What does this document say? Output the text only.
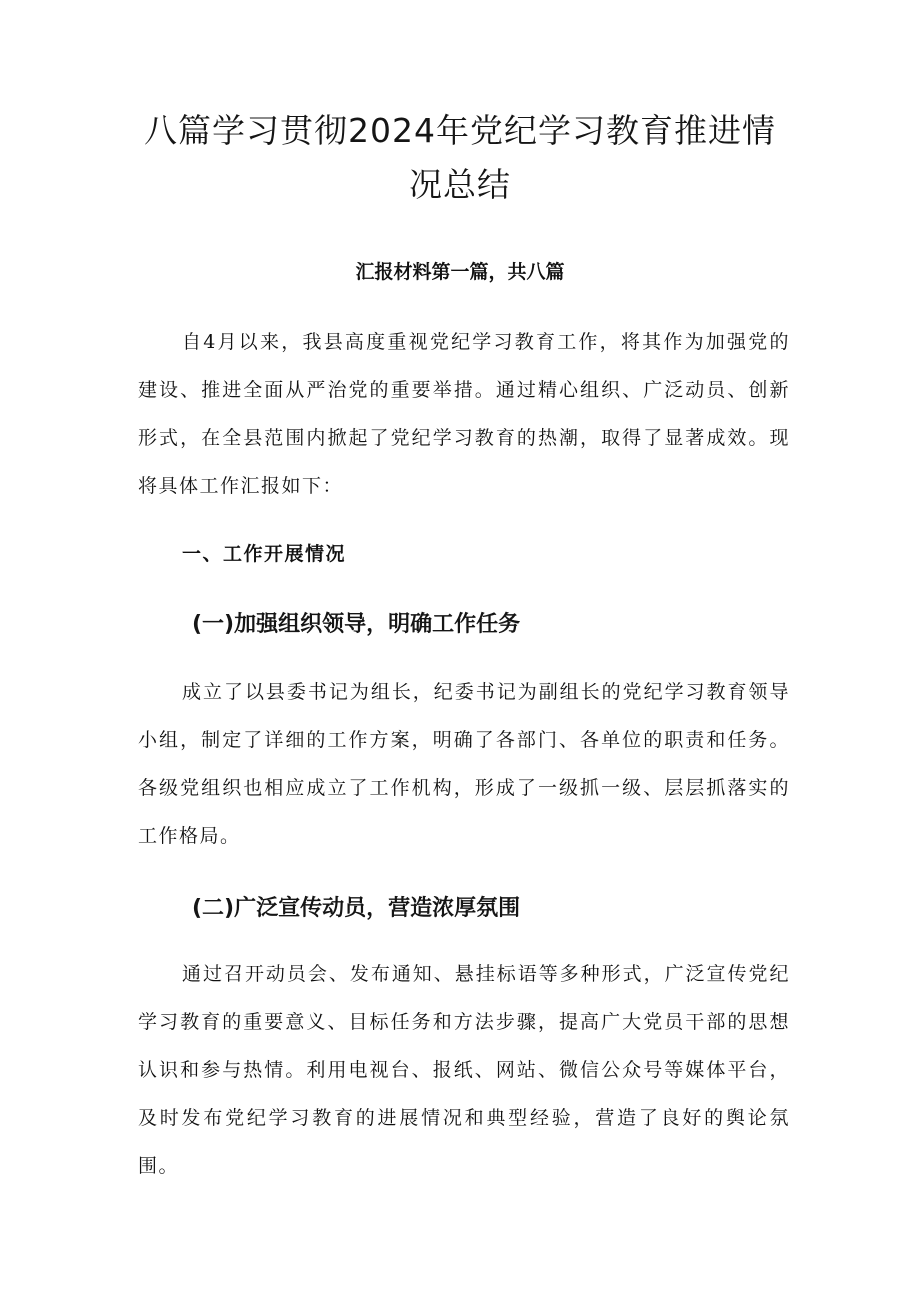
八篇学习贯彻2024年党纪学习教育推进情况总结
汇报材料第一篇，共八篇

自4月以来，我县高度重视党纪学习教育工作，将其作为加强党的建设、推进全面从严治党的重要举措。通过精心组织、广泛动员、创新形式，在全县范围内掀起了党纪学习教育的热潮，取得了显著成效。现将具体工作汇报如下：

一、工作开展情况
(一)加强组织领导，明确工作任务

成立了以县委书记为组长，纪委书记为副组长的党纪学习教育领导小组，制定了详细的工作方案，明确了各部门、各单位的职责和任务。各级党组织也相应成立了工作机构，形成了一级抓一级、层层抓落实的工作格局。

(二)广泛宣传动员，营造浓厚氛围

通过召开动员会、发布通知、悬挂标语等多种形式，广泛宣传党纪学习教育的重要意义、目标任务和方法步骤，提高广大党员干部的思想认识和参与热情。利用电视台、报纸、网站、微信公众号等媒体平台，及时发布党纪学习教育的进展情况和典型经验，营造了良好的舆论氛围。
